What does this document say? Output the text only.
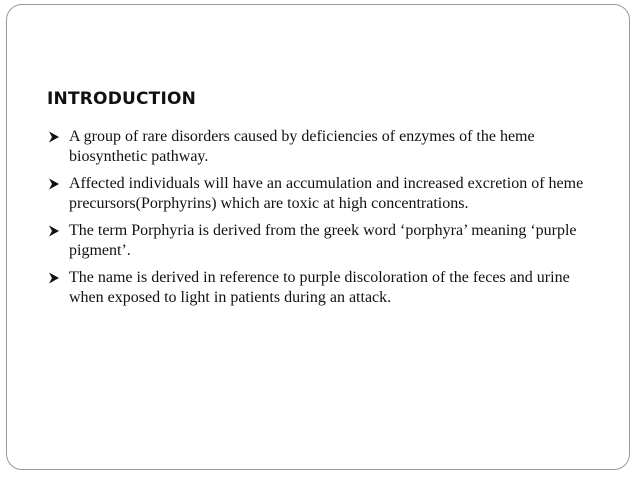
INTRODUCTION
A group of rare disorders caused by deficiencies of enzymes of the heme biosynthetic pathway.
Affected individuals will have an accumulation and increased excretion of heme precursors(Porphyrins) which are toxic at high concentrations.
The term Porphyria is derived from the greek word ‘porphyra’ meaning ‘purple pigment’.
The name is derived in reference to purple discoloration of the feces and urine when exposed to light in patients during an attack.
